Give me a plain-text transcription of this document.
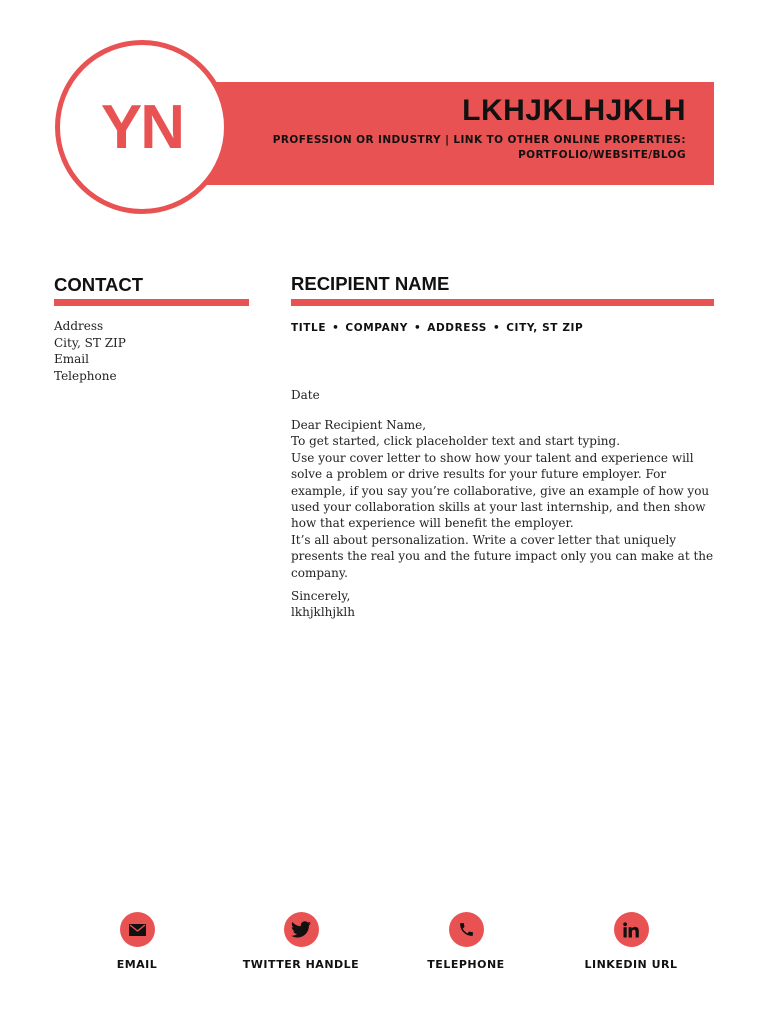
LKHJKLHJKLH
PROFESSION OR INDUSTRY | LINK TO OTHER ONLINE PROPERTIES: PORTFOLIO/WEBSITE/BLOG
YN
CONTACT
Address
City, ST ZIP
Email
Telephone
RECIPIENT NAME
TITLE • COMPANY • ADDRESS • CITY, ST ZIP
Date
Dear Recipient Name,
To get started, click placeholder text and start typing.
Use your cover letter to show how your talent and experience will solve a problem or drive results for your future employer. For example, if you say you’re collaborative, give an example of how you used your collaboration skills at your last internship, and then show how that experience will benefit the employer.
It’s all about personalization. Write a cover letter that uniquely presents the real you and the future impact only you can make at the company.
Sincerely,
lkhjklhjklh
EMAIL	TWITTER HANDLE	TELEPHONE	LINKEDIN URL
